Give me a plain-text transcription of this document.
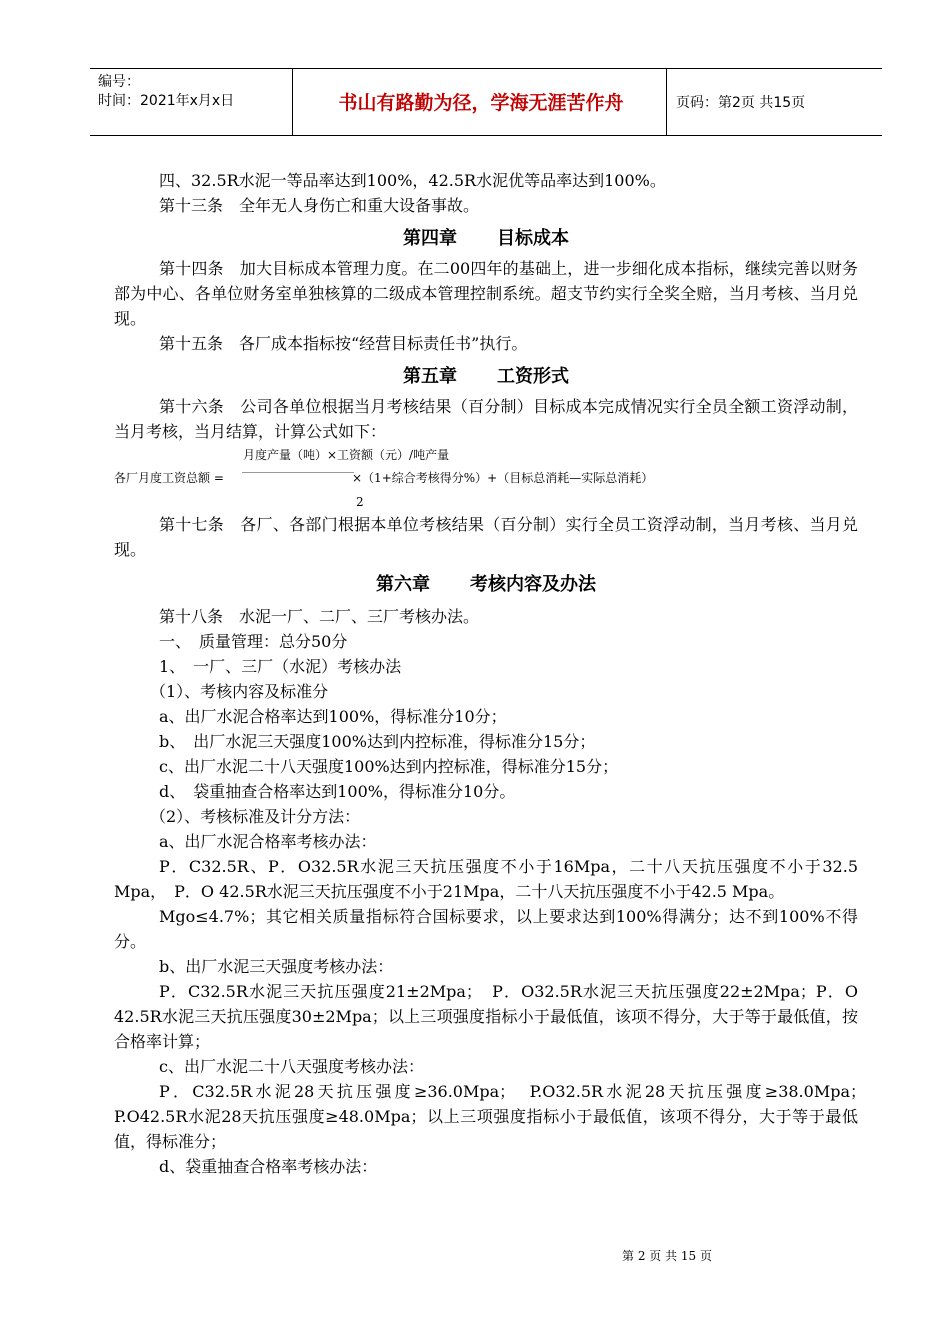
编号：
时间：2021年x月x日	书山有路勤为径，学海无涯苦作舟	页码：第2页 共15页

四、32.5R水泥一等品率达到100%，42.5R水泥优等品率达到100%。

第十三条　全年无人身伤亡和重大设备事故。

第四章 目标成本

第十四条　加大目标成本管理力度。在二00四年的基础上，进一步细化成本指标，继续完善以财务部为中心、各单位财务室单独核算的二级成本管理控制系统。超支节约实行全奖全赔，当月考核、当月兑现。

第十五条　各厂成本指标按“经营目标责任书”执行。

第五章 工资形式

第十六条　公司各单位根据当月考核结果（百分制）目标成本完成情况实行全员全额工资浮动制，当月考核，当月结算，计算公式如下：

月度产量（吨）×工资额（元）/吨产量
各厂月度工资总额 =	×（1+综合考核得分%）+（目标总消耗—实际总消耗）
2

第十七条　各厂、各部门根据本单位考核结果（百分制）实行全员工资浮动制，当月考核、当月兑现。

第六章 考核内容及办法

第十八条　水泥一厂、二厂、三厂考核办法。

一、　质量管理：总分50分

1、　一厂、三厂（水泥）考核办法

（1）、考核内容及标准分

a、出厂水泥合格率达到100%，得标准分10分；

b、　出厂水泥三天强度100%达到内控标准，得标准分15分；

c、出厂水泥二十八天强度100%达到内控标准，得标准分15分；

d、　袋重抽查合格率达到100%，得标准分10分。

（2）、考核标准及计分方法：

a、出厂水泥合格率考核办法：

P．C32.5R、P．O32.5R水泥三天抗压强度不小于16Mpa，二十八天抗压强度不小于32.5 Mpa，　P．O 42.5R水泥三天抗压强度不小于21Mpa，二十八天抗压强度不小于42.5 Mpa。

Mgo≤4.7%；其它相关质量指标符合国标要求，以上要求达到100%得满分；达不到100%不得分。

b、出厂水泥三天强度考核办法：

P．C32.5R水泥三天抗压强度21±2Mpa；　P．O32.5R水泥三天抗压强度22±2Mpa；P．O 42.5R水泥三天抗压强度30±2Mpa；以上三项强度指标小于最低值，该项不得分，大于等于最低值，按合格率计算；

c、出厂水泥二十八天强度考核办法：

P．C32.5R水泥28天抗压强度≥36.0Mpa；　P.O32.5R水泥28天抗压强度≥38.0Mpa；　P.O42.5R水泥28天抗压强度≥48.0Mpa；以上三项强度指标小于最低值，该项不得分，大于等于最低值，得标准分；

d、袋重抽查合格率考核办法：

第 2 页 共 15 页
